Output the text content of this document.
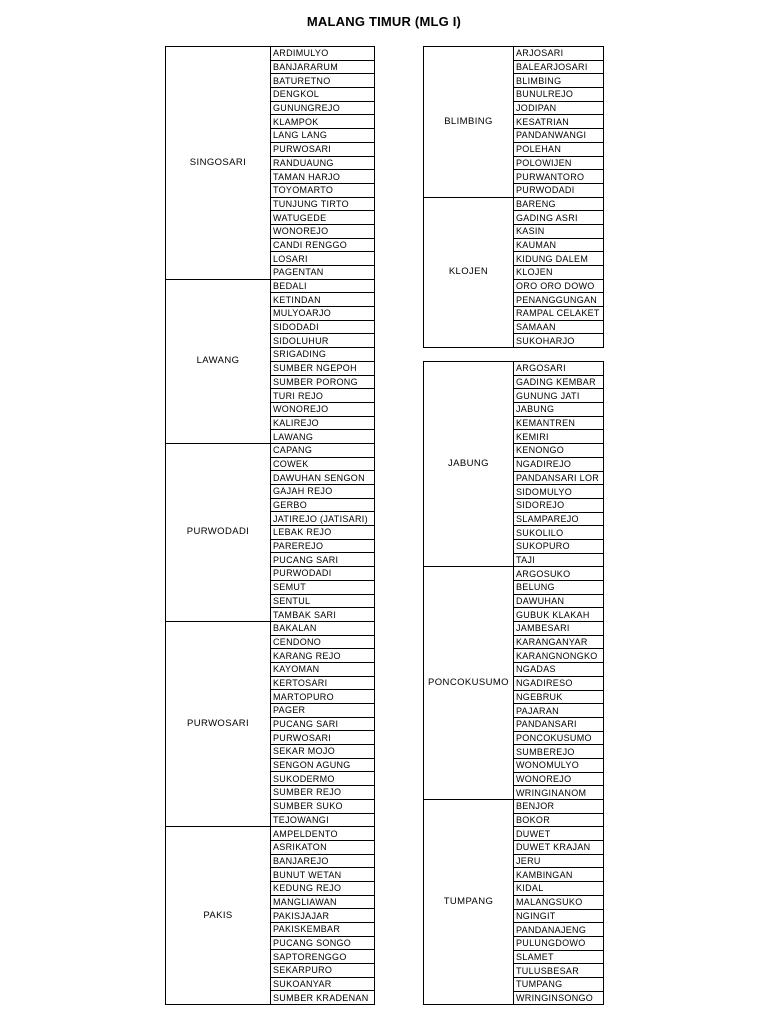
MALANG TIMUR (MLG I)
SINGOSARI	ARDIMULYO
	BANJARARUM
	BATURETNO
	DENGKOL
	GUNUNGREJO
	KLAMPOK
	LANG LANG
	PURWOSARI
	RANDUAUNG
	TAMAN HARJO
	TOYOMARTO
	TUNJUNG TIRTO
	WATUGEDE
	WONOREJO
	CANDI RENGGO
	LOSARI
	PAGENTAN
LAWANG	BEDALI
	KETINDAN
	MULYOARJO
	SIDODADI
	SIDOLUHUR
	SRIGADING
	SUMBER NGEPOH
	SUMBER PORONG
	TURI REJO
	WONOREJO
	KALIREJO
	LAWANG
PURWODADI	CAPANG
	COWEK
	DAWUHAN SENGON
	GAJAH REJO
	GERBO
	JATIREJO (JATISARI)
	LEBAK REJO
	PAREREJO
	PUCANG SARI
	PURWODADI
	SEMUT
	SENTUL
	TAMBAK SARI
PURWOSARI	BAKALAN
	CENDONO
	KARANG REJO
	KAYOMAN
	KERTOSARI
	MARTOPURO
	PAGER
	PUCANG SARI
	PURWOSARI
	SEKAR MOJO
	SENGON AGUNG
	SUKODERMO
	SUMBER REJO
	SUMBER SUKO
	TEJOWANGI
PAKIS	AMPELDENTO
	ASRIKATON
	BANJAREJO
	BUNUT WETAN
	KEDUNG REJO
	MANGLIAWAN
	PAKISJAJAR
	PAKISKEMBAR
	PUCANG SONGO
	SAPTORENGGO
	SEKARPURO
	SUKOANYAR
	SUMBER KRADENAN
BLIMBING	ARJOSARI
	BALEARJOSARI
	BLIMBING
	BUNULREJO
	JODIPAN
	KESATRIAN
	PANDANWANGI
	POLEHAN
	POLOWIJEN
	PURWANTORO
	PURWODADI
KLOJEN	BARENG
	GADING ASRI
	KASIN
	KAUMAN
	KIDUNG DALEM
	KLOJEN
	ORO ORO DOWO
	PENANGGUNGAN
	RAMPAL CELAKET
	SAMAAN
	SUKOHARJO
JABUNG	ARGOSARI
	GADING KEMBAR
	GUNUNG JATI
	JABUNG
	KEMANTREN
	KEMIRI
	KENONGO
	NGADIREJO
	PANDANSARI LOR
	SIDOMULYO
	SIDOREJO
	SLAMPAREJO
	SUKOLILO
	SUKOPURO
	TAJI
PONCOKUSUMO	ARGOSUKO
	BELUNG
	DAWUHAN
	GUBUK KLAKAH
	JAMBESARI
	KARANGANYAR
	KARANGNONGKO
	NGADAS
	NGADIRESO
	NGEBRUK
	PAJARAN
	PANDANSARI
	PONCOKUSUMO
	SUMBEREJO
	WONOMULYO
	WONOREJO
	WRINGINANOM
TUMPANG	BENJOR
	BOKOR
	DUWET
	DUWET KRAJAN
	JERU
	KAMBINGAN
	KIDAL
	MALANGSUKO
	NGINGIT
	PANDANAJENG
	PULUNGDOWO
	SLAMET
	TULUSBESAR
	TUMPANG
	WRINGINSONGO
